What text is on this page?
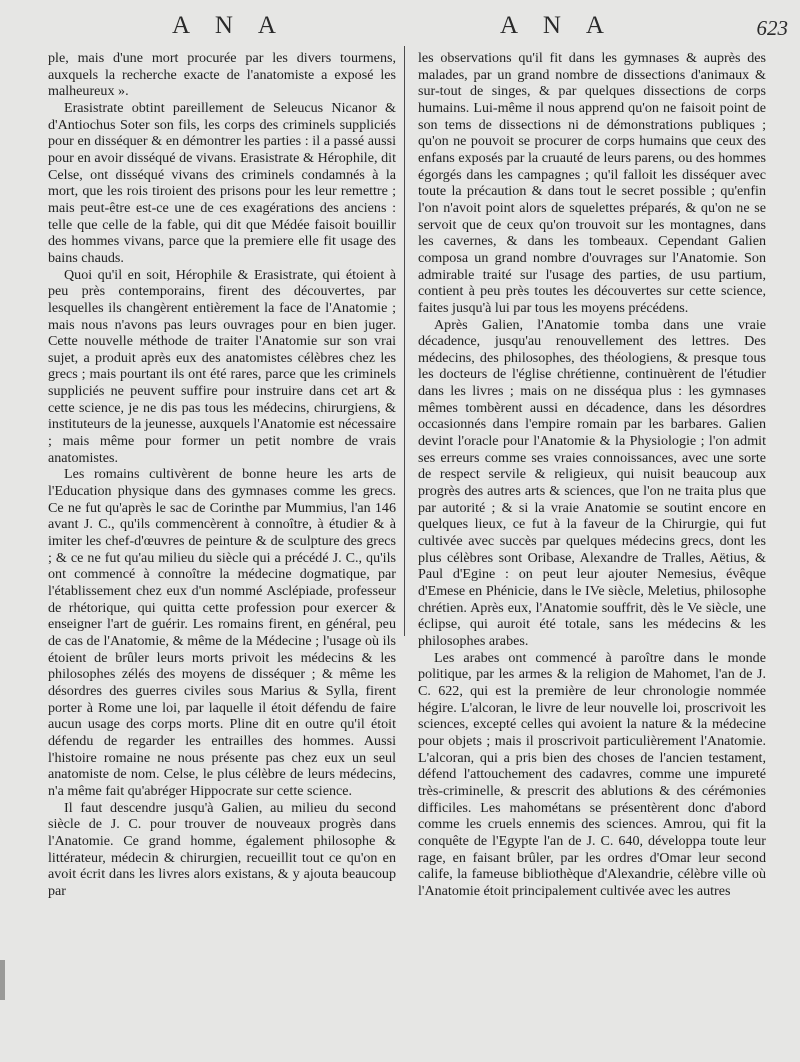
A N A	A N A	623

ple, mais d'une mort procurée par les divers tourmens, auxquels la recherche exacte de l'anatomiste a exposé les malheureux ».

Erasistrate obtint pareillement de Seleucus Nicanor & d'Antiochus Soter son fils, les corps des criminels suppliciés pour en disséquer & en démontrer les parties : il a passé aussi pour en avoir disséqué de vivans. Erasistrate & Hérophile, dit Celse, ont disséqué vivans des criminels condamnés à la mort, que les rois tiroient des prisons pour les leur remettre ; mais peut-être est-ce une de ces exagérations des anciens : telle que celle de la fable, qui dit que Médée faisoit bouillir des hommes vivans, parce que la premiere elle fit usage des bains chauds.

Quoi qu'il en soit, Hérophile & Erasistrate, qui étoient à peu près contemporains, firent des découvertes, par lesquelles ils changèrent entièrement la face de l'Anatomie ; mais nous n'avons pas leurs ouvrages pour en bien juger. Cette nouvelle méthode de traiter l'Anatomie sur son vrai sujet, a produit après eux des anatomistes célèbres chez les grecs ; mais pourtant ils ont été rares, parce que les criminels suppliciés ne peuvent suffire pour instruire dans cet art & cette science, je ne dis pas tous les médecins, chirurgiens, & instituteurs de la jeunesse, auxquels l'Anatomie est nécessaire ; mais même pour former un petit nombre de vrais anatomistes.

Les romains cultivèrent de bonne heure les arts de l'Education physique dans des gymnases comme les grecs. Ce ne fut qu'après le sac de Corinthe par Mummius, l'an 146 avant J. C., qu'ils commencèrent à connoître, à étudier & à imiter les chef-d'œuvres de peinture & de sculpture des grecs ; & ce ne fut qu'au milieu du siècle qui a précédé J. C., qu'ils ont commencé à connoître la médecine dogmatique, par l'établissement chez eux d'un nommé Asclépiade, professeur de rhétorique, qui quitta cette profession pour exercer & enseigner l'art de guérir. Les romains firent, en général, peu de cas de l'Anatomie, & même de la Médecine ; l'usage où ils étoient de brûler leurs morts privoit les médecins & les philosophes zélés des moyens de disséquer ; & même les désordres des guerres civiles sous Marius & Sylla, firent porter à Rome une loi, par laquelle il étoit défendu de faire aucun usage des corps morts. Pline dit en outre qu'il étoit défendu de regarder les entrailles des hommes. Aussi l'histoire romaine ne nous présente pas chez eux un seul anatomiste de nom. Celse, le plus célèbre de leurs médecins, n'a même fait qu'abréger Hippocrate sur cette science.

Il faut descendre jusqu'à Galien, au milieu du second siècle de J. C. pour trouver de nouveaux progrès dans l'Anatomie. Ce grand homme, également philosophe & littérateur, médecin & chirurgien, recueillit tout ce qu'on en avoit écrit dans les livres alors existans, & y ajouta beaucoup par

les observations qu'il fit dans les gymnases & auprès des malades, par un grand nombre de dissections d'animaux & sur-tout de singes, & par quelques dissections de corps humains. Lui-même il nous apprend qu'on ne faisoit point de son tems de dissections ni de démonstrations publiques ; qu'on ne pouvoit se procurer de corps humains que ceux des enfans exposés par la cruauté de leurs parens, ou des hommes égorgés dans les campagnes ; qu'il falloit les disséquer avec toute la précaution & dans tout le secret possible ; qu'enfin l'on n'avoit point alors de squelettes préparés, & qu'on ne se servoit que de ceux qu'on trouvoit sur les montagnes, dans les cavernes, & dans les tombeaux. Cependant Galien composa un grand nombre d'ouvrages sur l'Anatomie. Son admirable traité sur l'usage des parties, de usu partium, contient à peu près toutes les découvertes sur cette science, faites jusqu'à lui par tous les moyens précédens.

Après Galien, l'Anatomie tomba dans une vraie décadence, jusqu'au renouvellement des lettres. Des médecins, des philosophes, des théologiens, & presque tous les docteurs de l'église chrétienne, continuèrent de l'étudier dans les livres ; mais on ne disséqua plus : les gymnases mêmes tombèrent aussi en décadence, dans les désordres occasionnés dans l'empire romain par les barbares. Galien devint l'oracle pour l'Anatomie & la Physiologie ; l'on admit ses erreurs comme ses vraies connoissances, avec une sorte de respect servile & religieux, qui nuisit beaucoup aux progrès des autres arts & sciences, que l'on ne traita plus que par autorité ; & si la vraie Anatomie se soutint encore en quelques lieux, ce fut à la faveur de la Chirurgie, qui fut cultivée avec succès par quelques médecins grecs, dont les plus célèbres sont Oribase, Alexandre de Tralles, Aëtius, & Paul d'Egine : on peut leur ajouter Nemesius, évêque d'Emese en Phénicie, dans le IVe siècle, Meletius, philosophe chrétien. Après eux, l'Anatomie souffrit, dès le Ve siècle, une éclipse, qui auroit été totale, sans les médecins & les philosophes arabes.

Les arabes ont commencé à paroître dans le monde politique, par les armes & la religion de Mahomet, l'an de J. C. 622, qui est la première de leur chronologie nommée hégire. L'alcoran, le livre de leur nouvelle loi, proscrivoit les sciences, excepté celles qui avoient la nature & la médecine pour objets ; mais il proscrivoit particulièrement l'Anatomie. L'alcoran, qui a pris bien des choses de l'ancien testament, défend l'attouchement des cadavres, comme une impureté très-criminelle, & prescrit des ablutions & des cérémonies difficiles. Les mahométans se présentèrent donc d'abord comme les cruels ennemis des sciences. Amrou, qui fit la conquête de l'Egypte l'an de J. C. 640, développa toute leur rage, en faisant brûler, par les ordres d'Omar leur second calife, la fameuse bibliothèque d'Alexandrie, célèbre ville où l'Anatomie étoit principalement cultivée avec les autres
